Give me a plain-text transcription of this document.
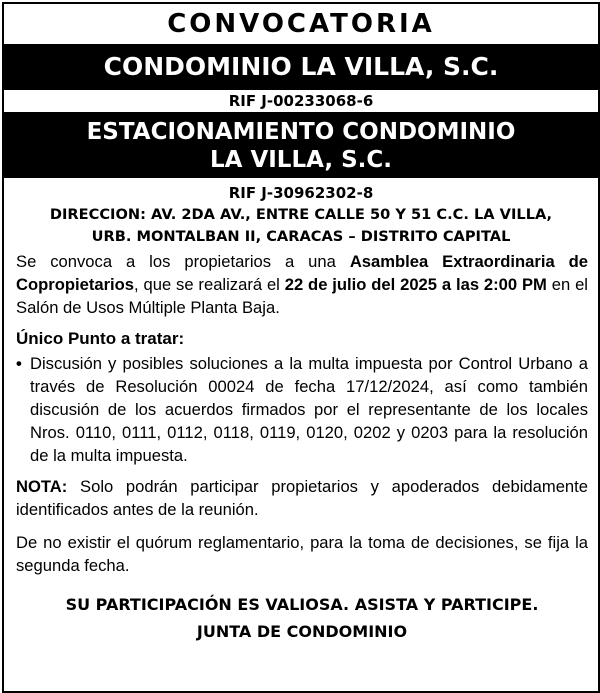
CONVOCATORIA
CONDOMINIO LA VILLA, S.C.
RIF J-00233068-6
ESTACIONAMIENTO CONDOMINIO
LA VILLA, S.C.
RIF J-30962302-8
DIRECCION: AV. 2DA AV., ENTRE CALLE 50 Y 51 C.C. LA VILLA,
URB. MONTALBAN II, CARACAS – DISTRITO CAPITAL

Se convoca a los propietarios a una Asamblea Extraordinaria de Copropietarios, que se realizará el 22 de julio del 2025 a las 2:00 PM en el Salón de Usos Múltiple Planta Baja.

Único Punto a tratar:

• Discusión y posibles soluciones a la multa impuesta por Control Urbano a través de Resolución 00024 de fecha 17/12/2024, así como también discusión de los acuerdos firmados por el representante de los locales Nros. 0110, 0111, 0112, 0118, 0119, 0120, 0202 y 0203 para la resolución de la multa impuesta.

NOTA: Solo podrán participar propietarios y apoderados debidamente identificados antes de la reunión.

De no existir el quórum reglamentario, para la toma de decisiones, se fija la segunda fecha.

SU PARTICIPACIÓN ES VALIOSA. ASISTA Y PARTICIPE.
JUNTA DE CONDOMINIO
